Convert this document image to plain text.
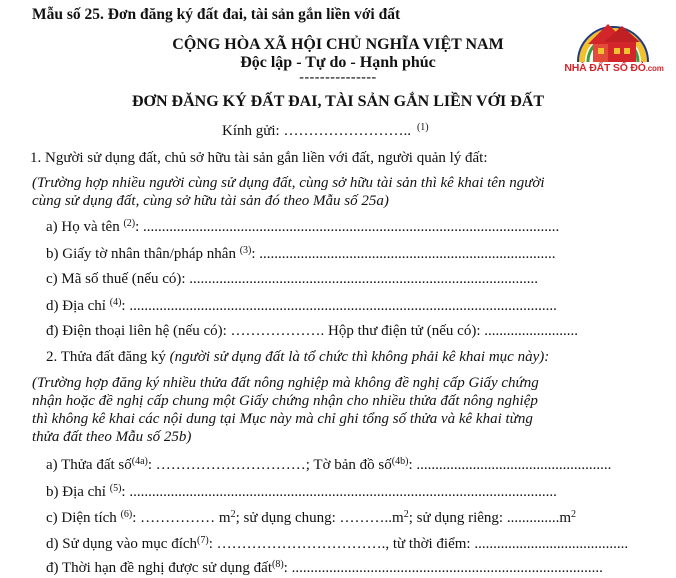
Mẫu số 25. Đơn đăng ký đất đai, tài sản gắn liền với đất
NHÀ ĐẤT SỔ ĐỎ.com
CỘNG HÒA XÃ HỘI CHỦ NGHĨA VIỆT NAM
Độc lập - Tự do - Hạnh phúc
---------------
ĐƠN ĐĂNG KÝ ĐẤT ĐAI, TÀI SẢN GẮN LIỀN VỚI ĐẤT
Kính gửi: …………………….. $^{(1)}$
1. Người sử dụng đất, chủ sở hữu tài sản gắn liền với đất, người quản lý đất:
(Trường hợp nhiều người cùng sử dụng đất, cùng sở hữu tài sản thì kê khai tên người
cùng sử dụng đất, cùng sở hữu tài sản đó theo Mẫu số 25a)
a) Họ và tên $^{(2)}$: ...............................................................................................................
b) Giấy tờ nhân thân/pháp nhân $^{(3)}$: ...............................................................................
c) Mã số thuế (nếu có): .............................................................................................
d) Địa chỉ $^{(4)}$: ..................................................................................................................
đ) Điện thoại liên hệ (nếu có): ………………. Hộp thư điện tử (nếu có): .........................
2. Thửa đất đăng ký (người sử dụng đất là tổ chức thì không phải kê khai mục này):
(Trường hợp đăng ký nhiều thửa đất nông nghiệp mà không đề nghị cấp Giấy chứng
nhận hoặc đề nghị cấp chung một Giấy chứng nhận cho nhiều thửa đất nông nghiệp
thì không kê khai các nội dung tại Mục này mà chỉ ghi tổng số thửa và kê khai từng
thửa đất theo Mẫu số 25b)
a) Thửa đất số$^{(4a)}$: …………………………; Tờ bản đồ số$^{(4b)}$: ....................................................
b) Địa chỉ $^{(5)}$: ..................................................................................................................
c) Diện tích $^{(6)}$: …………… $m^2$; sử dụng chung: $\dots\dots\dots..m^2$; sử dụng riêng: $..............m^2$
d) Sử dụng vào mục đích$^{(7)}$: ……………………………., từ thời điểm: .........................................
đ) Thời hạn đề nghị được sử dụng đất$^{(8)}$: ...................................................................................
